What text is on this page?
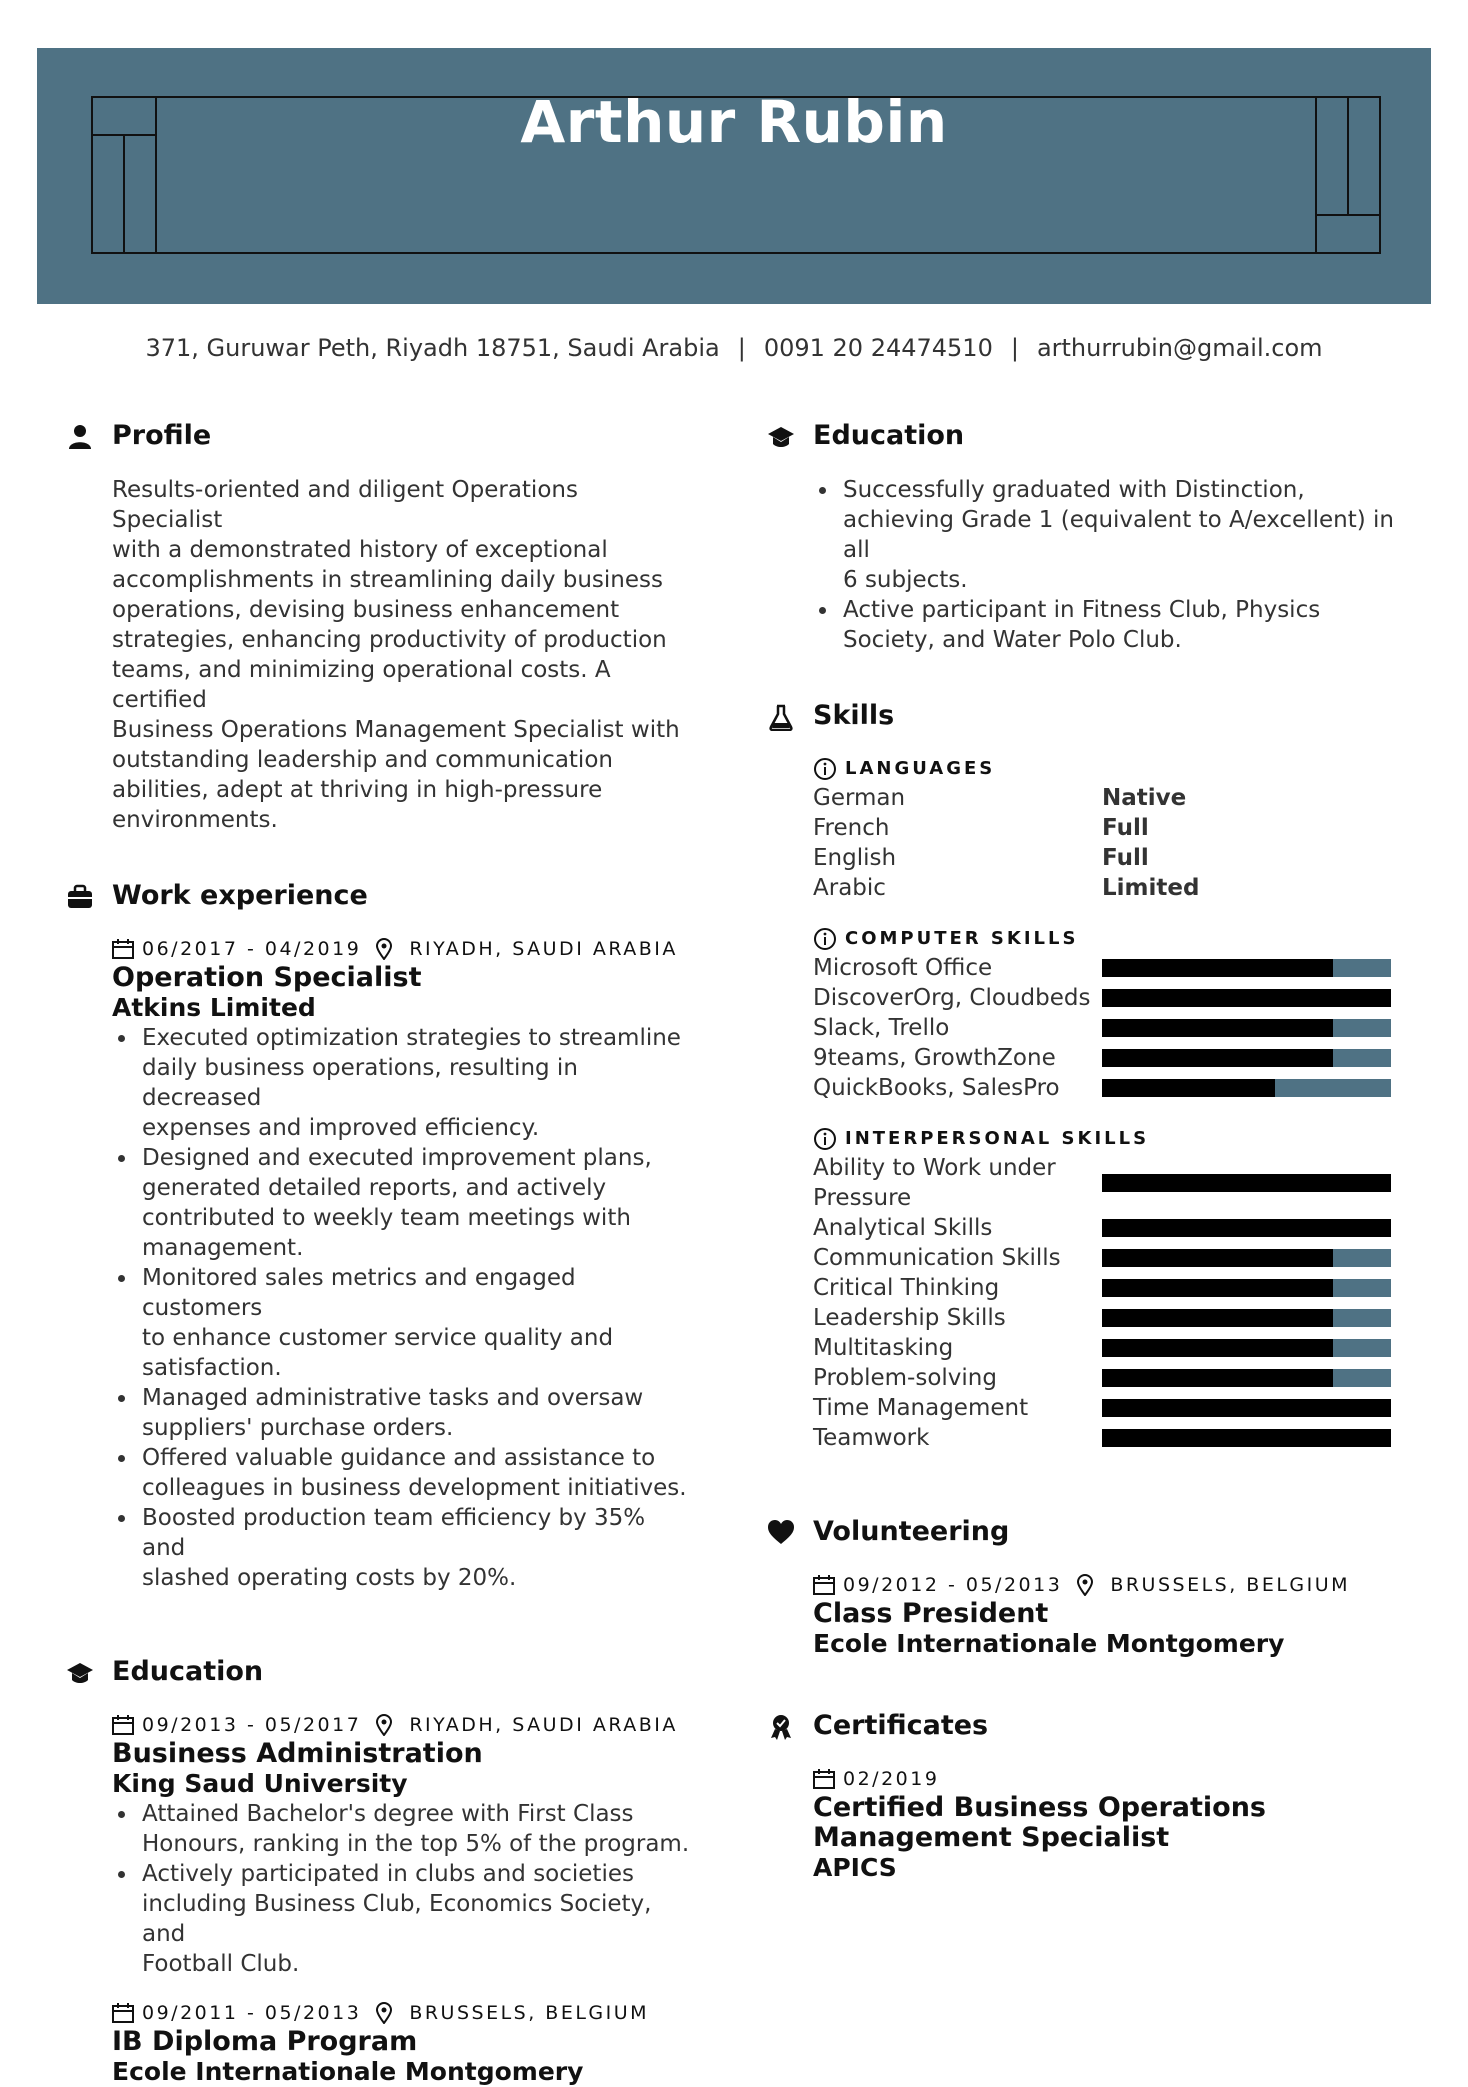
Arthur Rubin
371, Guruwar Peth, Riyadh 18751, Saudi Arabia | 0091 20 24474510 | arthurrubin@gmail.com
Profile
Results-oriented and diligent Operations Specialist
with a demonstrated history of exceptional
accomplishments in streamlining daily business
operations, devising business enhancement
strategies, enhancing productivity of production
teams, and minimizing operational costs. A certified
Business Operations Management Specialist with
outstanding leadership and communication
abilities, adept at thriving in high-pressure
environments.
Work experience
06/2017 - 04/2019	RIYADH, SAUDI ARABIA
Operation Specialist
Atkins Limited
Executed optimization strategies to streamline
daily business operations, resulting in decreased
expenses and improved efficiency.
Designed and executed improvement plans,
generated detailed reports, and actively
contributed to weekly team meetings with
management.
Monitored sales metrics and engaged customers
to enhance customer service quality and
satisfaction.
Managed administrative tasks and oversaw
suppliers' purchase orders.
Offered valuable guidance and assistance to
colleagues in business development initiatives.
Boosted production team efficiency by 35% and
slashed operating costs by 20%.
Education
09/2013 - 05/2017	RIYADH, SAUDI ARABIA
Business Administration
King Saud University
Attained Bachelor's degree with First Class
Honours, ranking in the top 5% of the program.
Actively participated in clubs and societies
including Business Club, Economics Society, and
Football Club.
09/2011 - 05/2013	BRUSSELS, BELGIUM
IB Diploma Program
Ecole Internationale Montgomery
Education
Successfully graduated with Distinction,
achieving Grade 1 (equivalent to A/excellent) in all
6 subjects.
Active participant in Fitness Club, Physics
Society, and Water Polo Club.
Skills
LANGUAGES
German	Native
French	Full
English	Full
Arabic	Limited
COMPUTER SKILLS
Microsoft Office
DiscoverOrg, Cloudbeds
Slack, Trello
9teams, GrowthZone
QuickBooks, SalesPro
INTERPERSONAL SKILLS
Ability to Work under
Pressure
Analytical Skills
Communication Skills
Critical Thinking
Leadership Skills
Multitasking
Problem-solving
Time Management
Teamwork
Volunteering
09/2012 - 05/2013	BRUSSELS, BELGIUM
Class President
Ecole Internationale Montgomery
Certificates
02/2019
Certified Business Operations
Management Specialist
APICS
